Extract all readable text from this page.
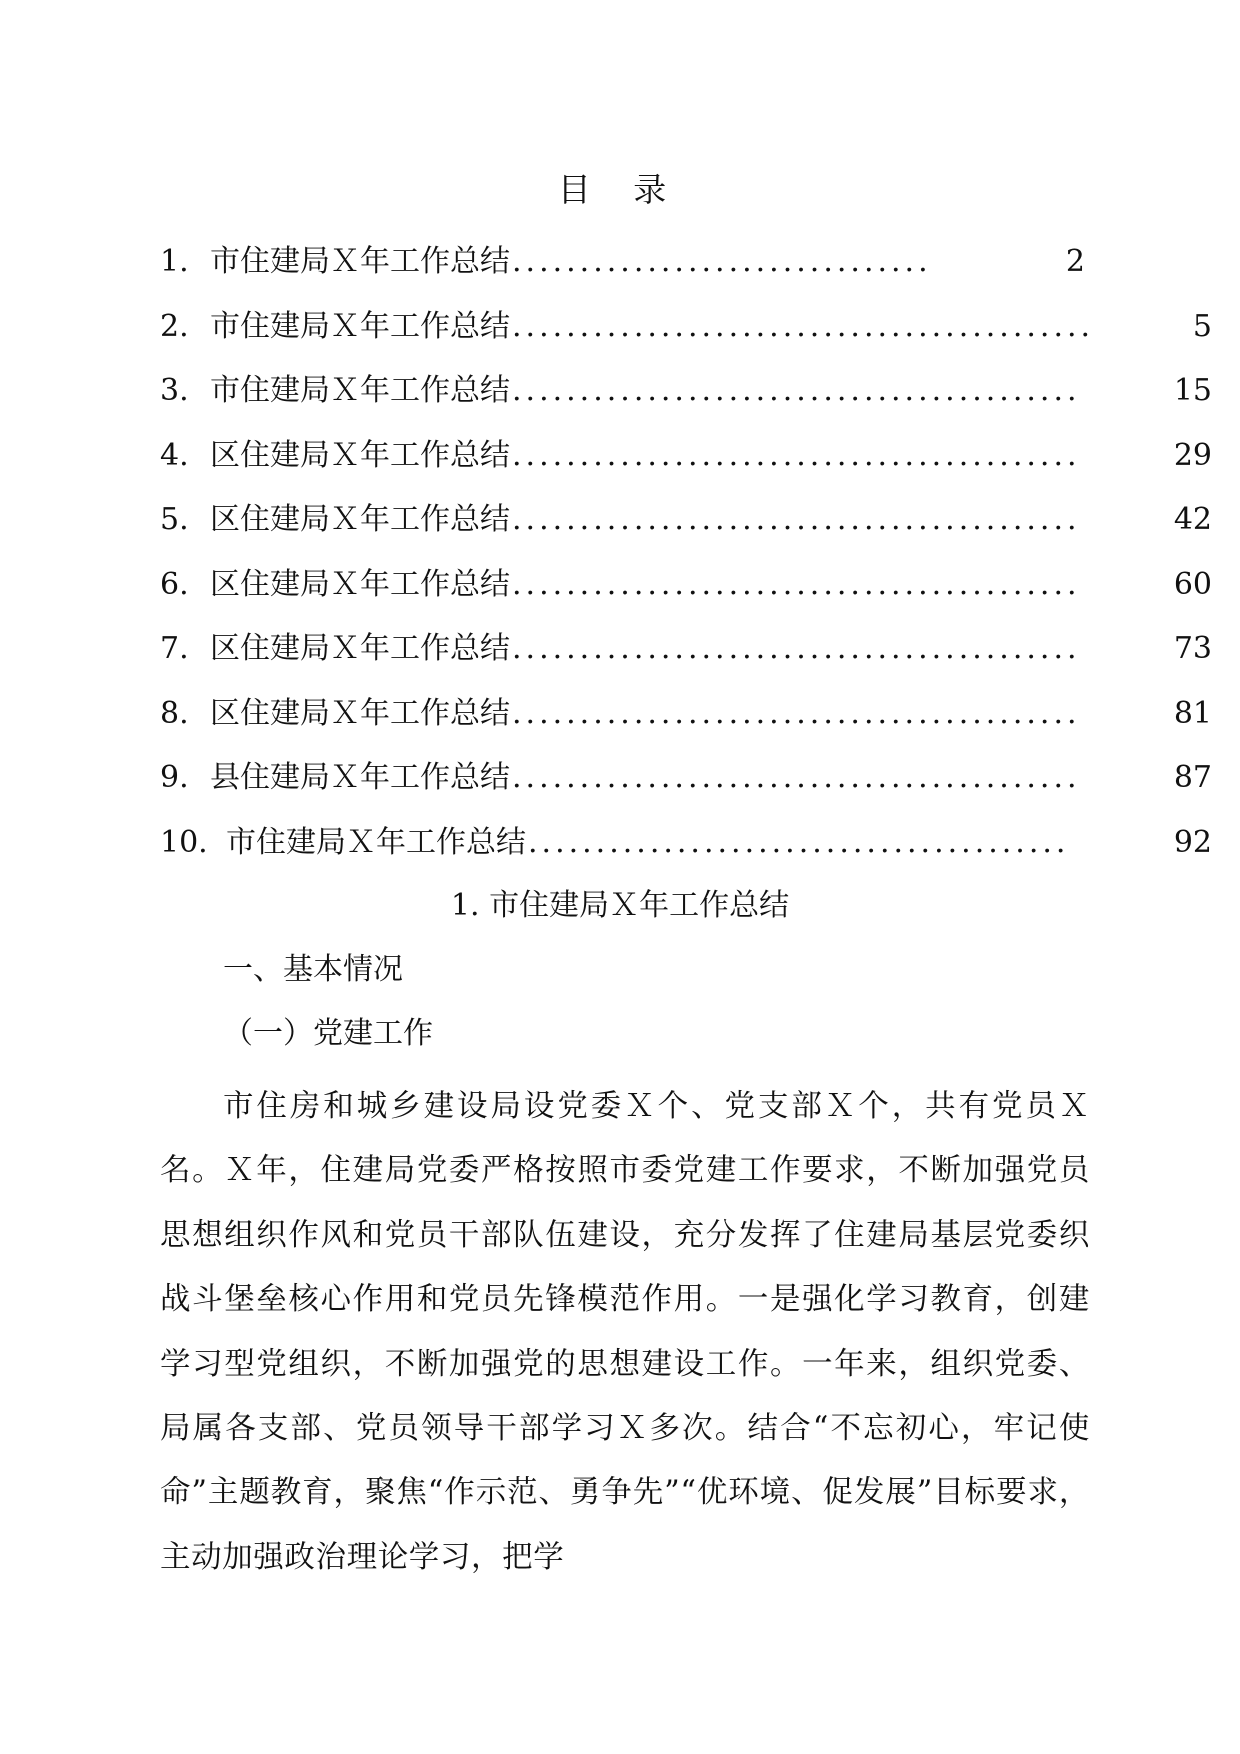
目 录
1. 市住建局Ｘ年工作总结 ...............................	2
2. 市住建局Ｘ年工作总结 ...........................................	5
3. 市住建局Ｘ年工作总结 ..........................................	15
4. 区住建局Ｘ年工作总结 ..........................................	29
5. 区住建局Ｘ年工作总结 ..........................................	42
6. 区住建局Ｘ年工作总结 ..........................................	60
7. 区住建局Ｘ年工作总结 ..........................................	73
8. 区住建局Ｘ年工作总结 ..........................................	81
9. 县住建局Ｘ年工作总结 ..........................................	87
10. 市住建局Ｘ年工作总结 ........................................	92
1. 市住建局Ｘ年工作总结
一、基本情况
（一）党建工作

市住房和城乡建设局设党委Ｘ个、党支部Ｘ个，共有党员Ｘ名。Ｘ年，住建局党委严格按照市委党建工作要求，不断加强党员思想组织作风和党员干部队伍建设，充分发挥了住建局基层党委织战斗堡垒核心作用和党员先锋模范作用。一是强化学习教育，创建学习型党组织，不断加强党的思想建设工作。一年来，组织党委、局属各支部、党员领导干部学习Ｘ多次。结合“不忘初心，牢记使命”主题教育，聚焦“作示范、勇争先”“优环境、促发展”目标要求，主动加强政治理论学习，把学
